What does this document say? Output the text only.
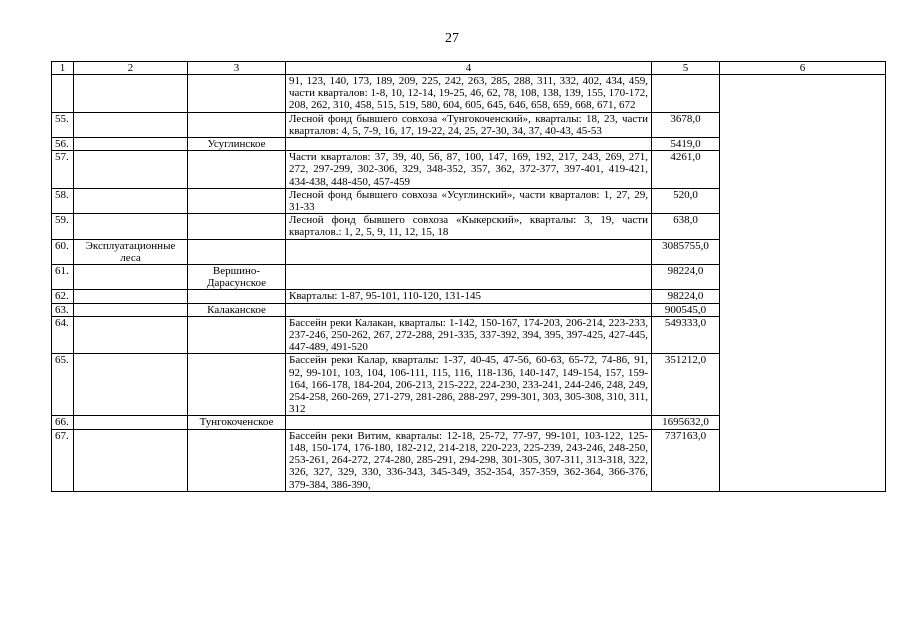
27
1	2	3	4	5	6
			91, 123, 140, 173, 189, 209, 225, 242, 263, 285, 288, 311, 332, 402, 434, 459, части кварталов: 1-8, 10, 12-14, 19-25, 46, 62, 78, 108, 138, 139, 155, 170-172, 208, 262, 310, 458, 515, 519, 580, 604, 605, 645, 646, 658, 659, 668, 671, 672		
55.			Лесной фонд бывшего совхоза «Тунгокоченский», кварталы: 18, 23, части кварталов: 4, 5, 7-9, 16, 17, 19-22, 24, 25, 27-30, 34, 37, 40-43, 45-53	3678,0	
56.		Усуглинское		5419,0	
57.			Части кварталов: 37, 39, 40, 56, 87, 100, 147, 169, 192, 217, 243, 269, 271, 272, 297-299, 302-306, 329, 348-352, 357, 362, 372-377, 397-401, 419-421, 434-438, 448-450, 457-459	4261,0	
58.			Лесной фонд бывшего совхоза «Усуглинский», части кварталов: 1, 27, 29, 31-33	520,0	
59.			Лесной фонд бывшего совхоза «Кыкерский», кварталы: 3, 19, части кварталов.: 1, 2, 5, 9, 11, 12, 15, 18	638,0	
60.	Эксплуатационные леса			3085755,0	
61.		Вершино-Дарасунское		98224,0	
62.			Кварталы: 1-87, 95-101, 110-120, 131-145	98224,0	
63.		Калаканское		900545,0	
64.			Бассейн реки Калакан, кварталы: 1-142, 150-167, 174-203, 206-214, 223-233, 237-246, 250-262, 267, 272-288, 291-335, 337-392, 394, 395, 397-425, 427-445, 447-489, 491-520	549333,0	
65.			Бассейн реки Калар, кварталы: 1-37, 40-45, 47-56, 60-63, 65-72, 74-86, 91, 92, 99-101, 103, 104, 106-111, 115, 116, 118-136, 140-147, 149-154, 157, 159-164, 166-178, 184-204, 206-213, 215-222, 224-230, 233-241, 244-246, 248, 249, 254-258, 260-269, 271-279, 281-286, 288-297, 299-301, 303, 305-308, 310, 311, 312	351212,0	
66.		Тунгокоченское		1695632,0	
67.			Бассейн реки Витим, кварталы: 12-18, 25-72, 77-97, 99-101, 103-122, 125-148, 150-174, 176-180, 182-212, 214-218, 220-223, 225-239, 243-246, 248-250, 253-261, 264-272, 274-280, 285-291, 294-298, 301-305, 307-311, 313-318, 322, 326, 327, 329, 330, 336-343, 345-349, 352-354, 357-359, 362-364, 366-376, 379-384, 386-390,	737163,0	
